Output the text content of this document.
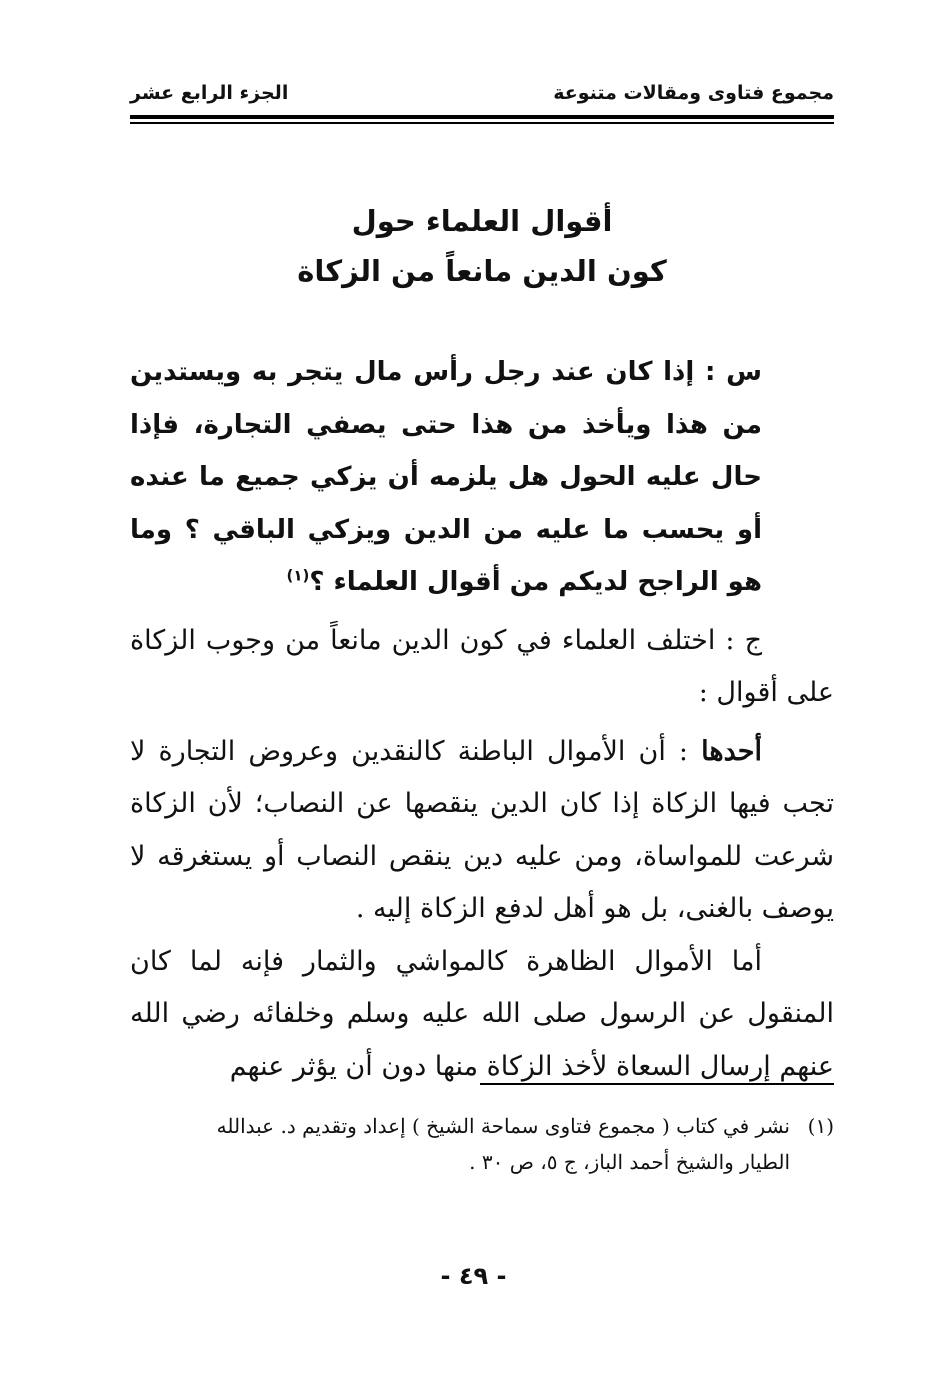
مجموع فتاوى ومقالات متنوعة
الجزء الرابع عشر
أقوال العلماء حول
كون الدين مانعاً من الزكاة

س : إذا كان عند رجل رأس مال يتجر به ويستدين من هذا ويأخذ من هذا حتى يصفي التجارة، فإذا حال عليه الحول هل يلزمه أن يزكي جميع ما عنده أو يحسب ما عليه من الدين ويزكي الباقي ؟ وما هو الراجح لديكم من أقوال العلماء ؟$^{(١)}$

ج : اختلف العلماء في كون الدين مانعاً من وجوب الزكاة على أقوال :

أحدها : أن الأموال الباطنة كالنقدين وعروض التجارة لا تجب فيها الزكاة إذا كان الدين ينقصها عن النصاب؛ لأن الزكاة شرعت للمواساة، ومن عليه دين ينقص النصاب أو يستغرقه لا يوصف بالغنى، بل هو أهل لدفع الزكاة إليه .

أما الأموال الظاهرة كالمواشي والثمار فإنه لما كان المنقول عن الرسول صلى الله عليه وسلم وخلفائه رضي الله عنهم إرسال السعاة لأخذ الزكاة منها دون أن يؤثر عنهم

(١)نشر في كتاب ( مجموع فتاوى سماحة الشيخ ) إعداد وتقديم د. عبدالله

الطيار والشيخ أحمد الباز، ج ٥، ص ٣٠ .

- ٤٩ -
